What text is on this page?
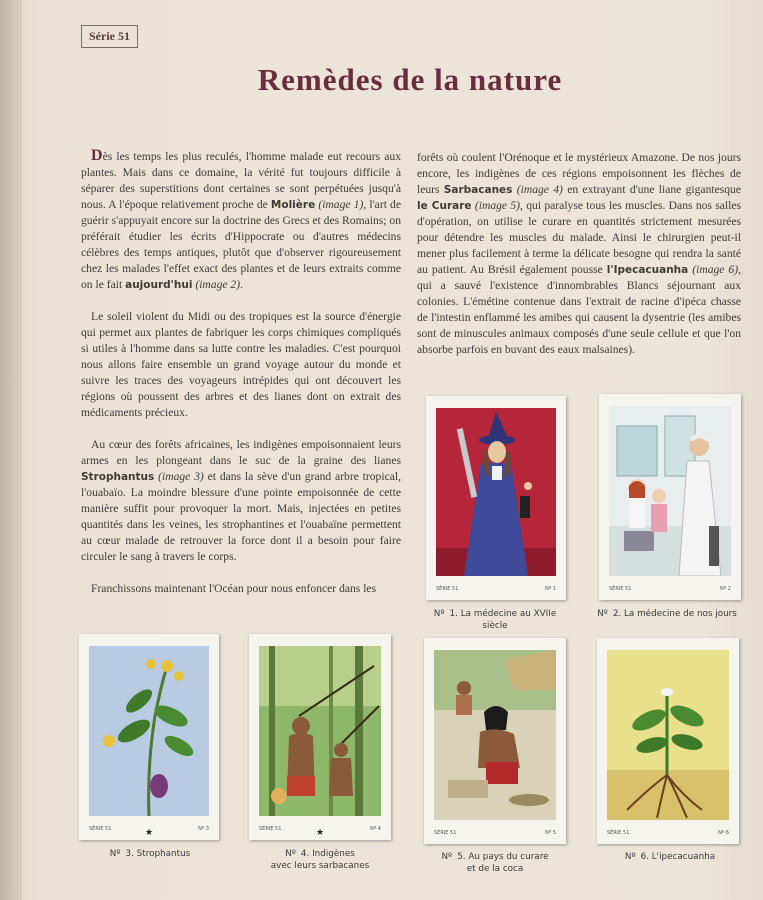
Série 51
Remèdes de la nature

Dès les temps les plus reculés, l'homme malade eut recours aux plantes. Mais dans ce domaine, la vérité fut toujours difficile à séparer des superstitions dont certaines se sont perpétuées jusqu'à nous. A l'époque relativement proche de Molière (image 1), l'art de guérir s'appuyait encore sur la doctrine des Grecs et des Romains; on préférait étudier les écrits d'Hippocrate ou d'autres médecins célèbres des temps antiques, plutôt que d'observer rigoureusement chez les malades l'effet exact des plantes et de leurs extraits comme on le fait aujourd'hui (image 2).

Le soleil violent du Midi ou des tropiques est la source d'énergie qui permet aux plantes de fabriquer les corps chimiques compliqués si utiles à l'homme dans sa lutte contre les maladies. C'est pourquoi nous allons faire ensemble un grand voyage autour du monde et suivre les traces des voyageurs intrépides qui ont découvert les régions où poussent des arbres et des lianes dont on extrait des médicaments précieux.

Au cœur des forêts africaines, les indigènes empoisonnaient leurs armes en les plongeant dans le suc de la graine des lianes Strophantus (image 3) et dans la sève d'un grand arbre tropical, l'ouabaïo. La moindre blessure d'une pointe empoisonnée de cette manière suffit pour provoquer la mort. Mais, injectées en petites quantités dans les veines, les strophantines et l'ouabaïne permettent au cœur malade de retrouver la force dont il a besoin pour faire circuler le sang à travers le corps.

Franchissons maintenant l'Océan pour nous enfoncer dans les

forêts où coulent l'Orénoque et le mystérieux Amazone. De nos jours encore, les indigènes de ces régions empoisonnent les flèches de leurs Sarbacanes (image 4) en extrayant d'une liane gigantesque le Curare (image 5), qui paralyse tous les muscles. Dans nos salles d'opération, on utilise le curare en quantités strictement mesurées pour détendre les muscles du malade. Ainsi le chirurgien peut-il mener plus facilement à terme la délicate besogne qui rendra la santé au patient. Au Brésil également pousse l'Ipecacuanha (image 6), qui a sauvé l'existence d'innombrables Blancs séjournant aux colonies. L'émétine contenue dans l'extrait de racine d'ipéca chasse de l'intestin enflammé les amibes qui causent la dysentrie (les amibes sont de minuscules animaux composés d'une seule cellule et que l'on absorbe parfois en buvant des eaux malsaines).

SÉRIE 51	Nº 1
Nº 1. La médecine au XVIIe siècle
SÉRIE 51	Nº 2
Nº 2. La médecine de nos jours
SÉRIE 51	Nº 3
★
Nº 3. Strophantus
SÉRIE 51	Nº 4
★
Nº 4. Indigènes
avec leurs sarbacanes
SÉRIE 51	Nº 5
Nº 5. Au pays du curare
et de la coca
SÉRIE 51	Nº 6
Nº 6. L'ipecacuanha
